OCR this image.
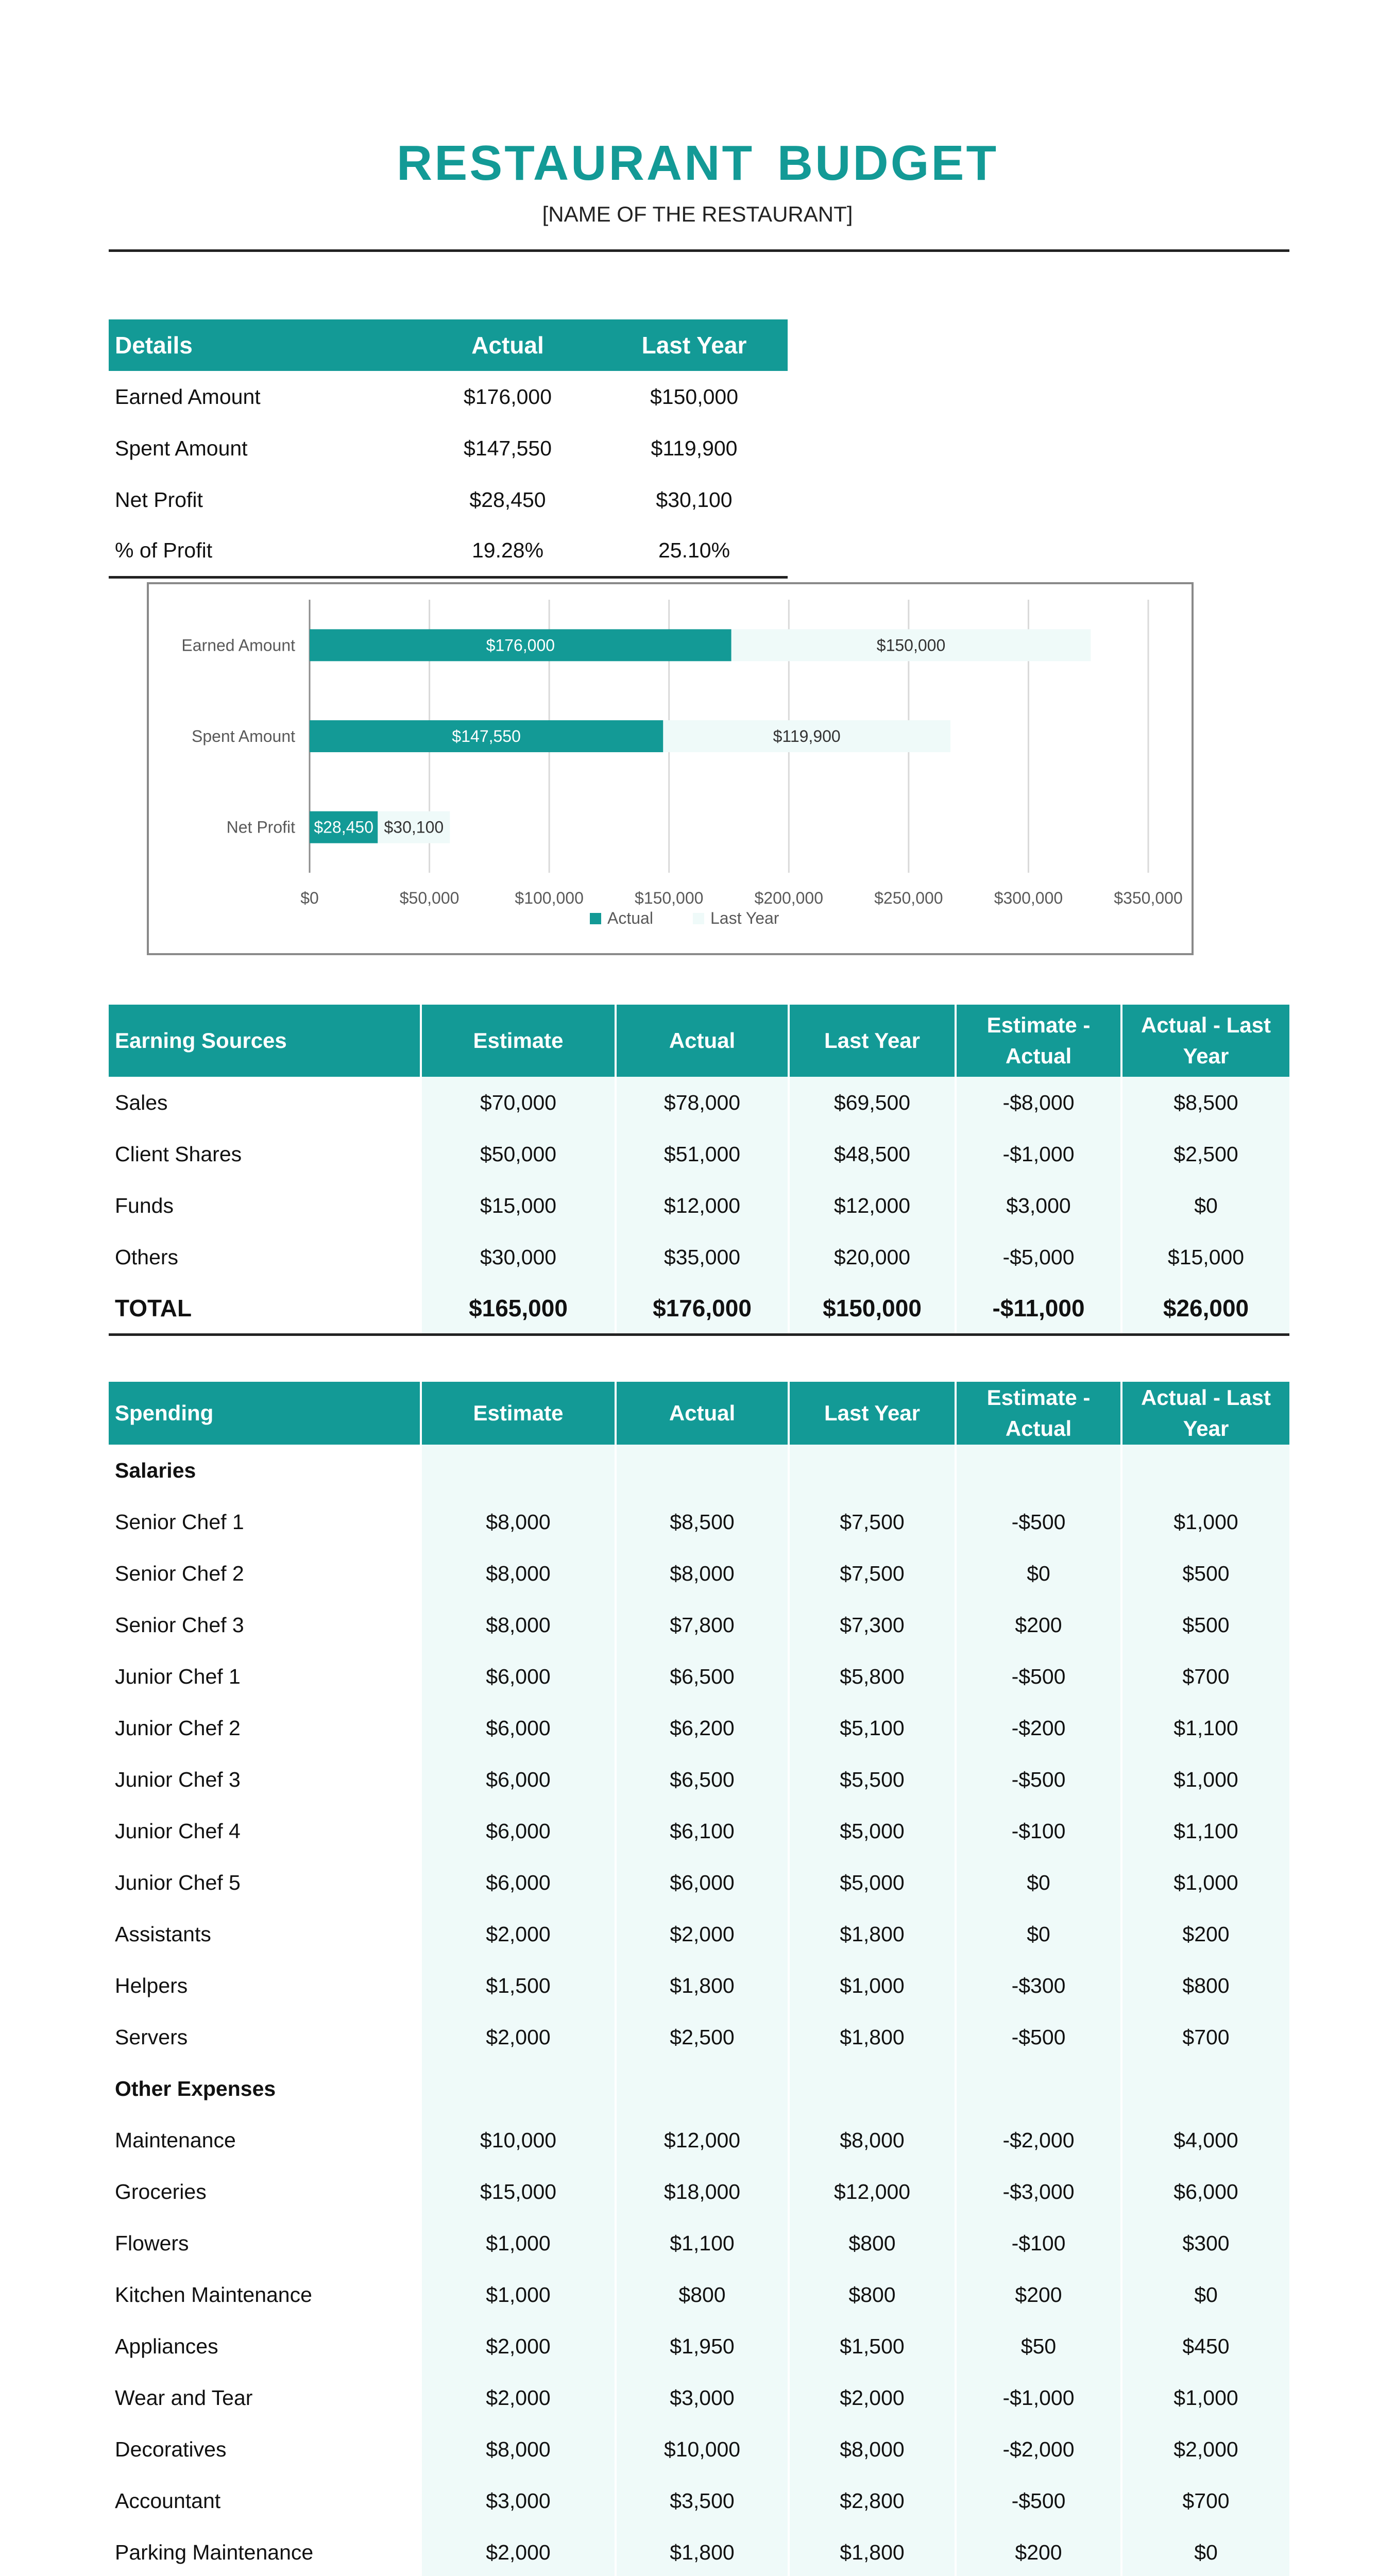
RESTAURANT BUDGET
[NAME OF THE RESTAURANT]
Details	Actual	Last Year
Earned Amount	$176,000	$150,000
Spent Amount	$147,550	$119,900
Net Profit	$28,450	$30,100
% of Profit	19.28%	25.10%
$0	$50,000	$100,000	$150,000	$200,000	$250,000	$300,000	$350,000
Earned Amount	$176,000	$150,000
Spent Amount	$147,550	$119,900
Net Profit $28,450 $30,100
Actual	Last Year
Earning Sources	Estimate	Actual	Last Year	Estimate - Actual	Actual - Last Year
Sales	$70,000	$78,000	$69,500	-$8,000	$8,500
Client Shares	$50,000	$51,000	$48,500	-$1,000	$2,500
Funds	$15,000	$12,000	$12,000	$3,000	$0
Others	$30,000	$35,000	$20,000	-$5,000	$15,000
TOTAL	$165,000	$176,000	$150,000	-$11,000	$26,000
Spending	Estimate	Actual	Last Year	Estimate - Actual	Actual - Last Year
Salaries					
Senior Chef 1	$8,000	$8,500	$7,500	-$500	$1,000
Senior Chef 2	$8,000	$8,000	$7,500	$0	$500
Senior Chef 3	$8,000	$7,800	$7,300	$200	$500
Junior Chef 1	$6,000	$6,500	$5,800	-$500	$700
Junior Chef 2	$6,000	$6,200	$5,100	-$200	$1,100
Junior Chef 3	$6,000	$6,500	$5,500	-$500	$1,000
Junior Chef 4	$6,000	$6,100	$5,000	-$100	$1,100
Junior Chef 5	$6,000	$6,000	$5,000	$0	$1,000
Assistants	$2,000	$2,000	$1,800	$0	$200
Helpers	$1,500	$1,800	$1,000	-$300	$800
Servers	$2,000	$2,500	$1,800	-$500	$700
Other Expenses					
Maintenance	$10,000	$12,000	$8,000	-$2,000	$4,000
Groceries	$15,000	$18,000	$12,000	-$3,000	$6,000
Flowers	$1,000	$1,100	$800	-$100	$300
Kitchen Maintenance	$1,000	$800	$800	$200	$0
Appliances	$2,000	$1,950	$1,500	$50	$450
Wear and Tear	$2,000	$3,000	$2,000	-$1,000	$1,000
Decoratives	$8,000	$10,000	$8,000	-$2,000	$2,000
Accountant	$3,000	$3,500	$2,800	-$500	$700
Parking Maintenance	$2,000	$1,800	$1,800	$200	$0
